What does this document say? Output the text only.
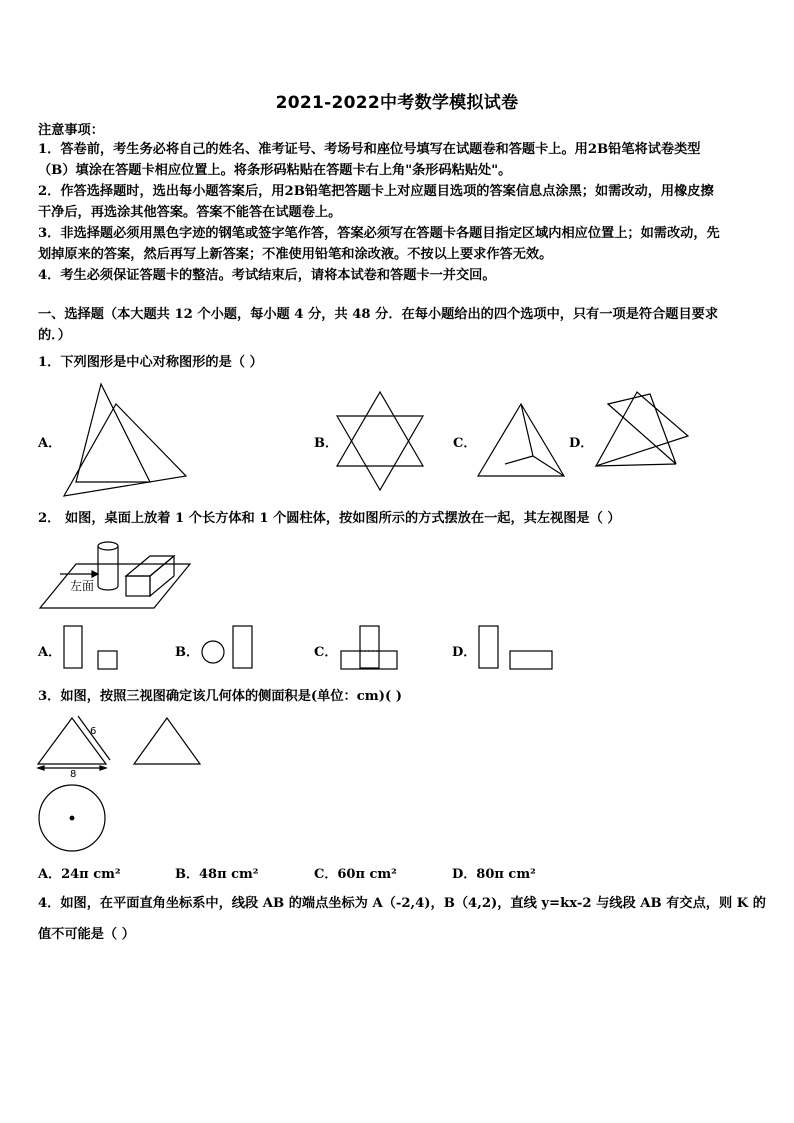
2021-2022中考数学模拟试卷
注意事项：
1．答卷前，考生务必将自己的姓名、准考证号、考场号和座位号填写在试题卷和答题卡上。用2B铅笔将试卷类型
（B）填涂在答题卡相应位置上。将条形码粘贴在答题卡右上角"条形码粘贴处"。
2．作答选择题时，选出每小题答案后，用2B铅笔把答题卡上对应题目选项的答案信息点涂黑；如需改动，用橡皮擦
干净后，再选涂其他答案。答案不能答在试题卷上。
3．非选择题必须用黑色字迹的钢笔或签字笔作答，答案必须写在答题卡各题目指定区域内相应位置上；如需改动，先
划掉原来的答案，然后再写上新答案；不准使用铅笔和涂改液。不按以上要求作答无效。
4．考生必须保证答题卡的整洁。考试结束后，请将本试卷和答题卡一并交回。
一、选择题（本大题共 12 个小题，每小题 4 分，共 48 分．在每小题给出的四个选项中，只有一项是符合题目要求
的．）
1．下列图形是中心对称图形的是（ ）
A．	B．	C．	D．
2． 如图，桌面上放着 1 个长方体和 1 个圆柱体，按如图所示的方式摆放在一起，其左视图是（ ）
左面
A．	B．	C．	D．
3．如图，按照三视图确定该几何体的侧面积是(单位：cm)( )
6
8
A．24π cm²	B．48π cm²	C．60π cm²	D．80π cm²
4．如图，在平面直角坐标系中，线段 AB 的端点坐标为 A（-2,4)，B（4,2)，直线 y=kx-2 与线段 AB 有交点，则 K 的
值不可能是（ ）
